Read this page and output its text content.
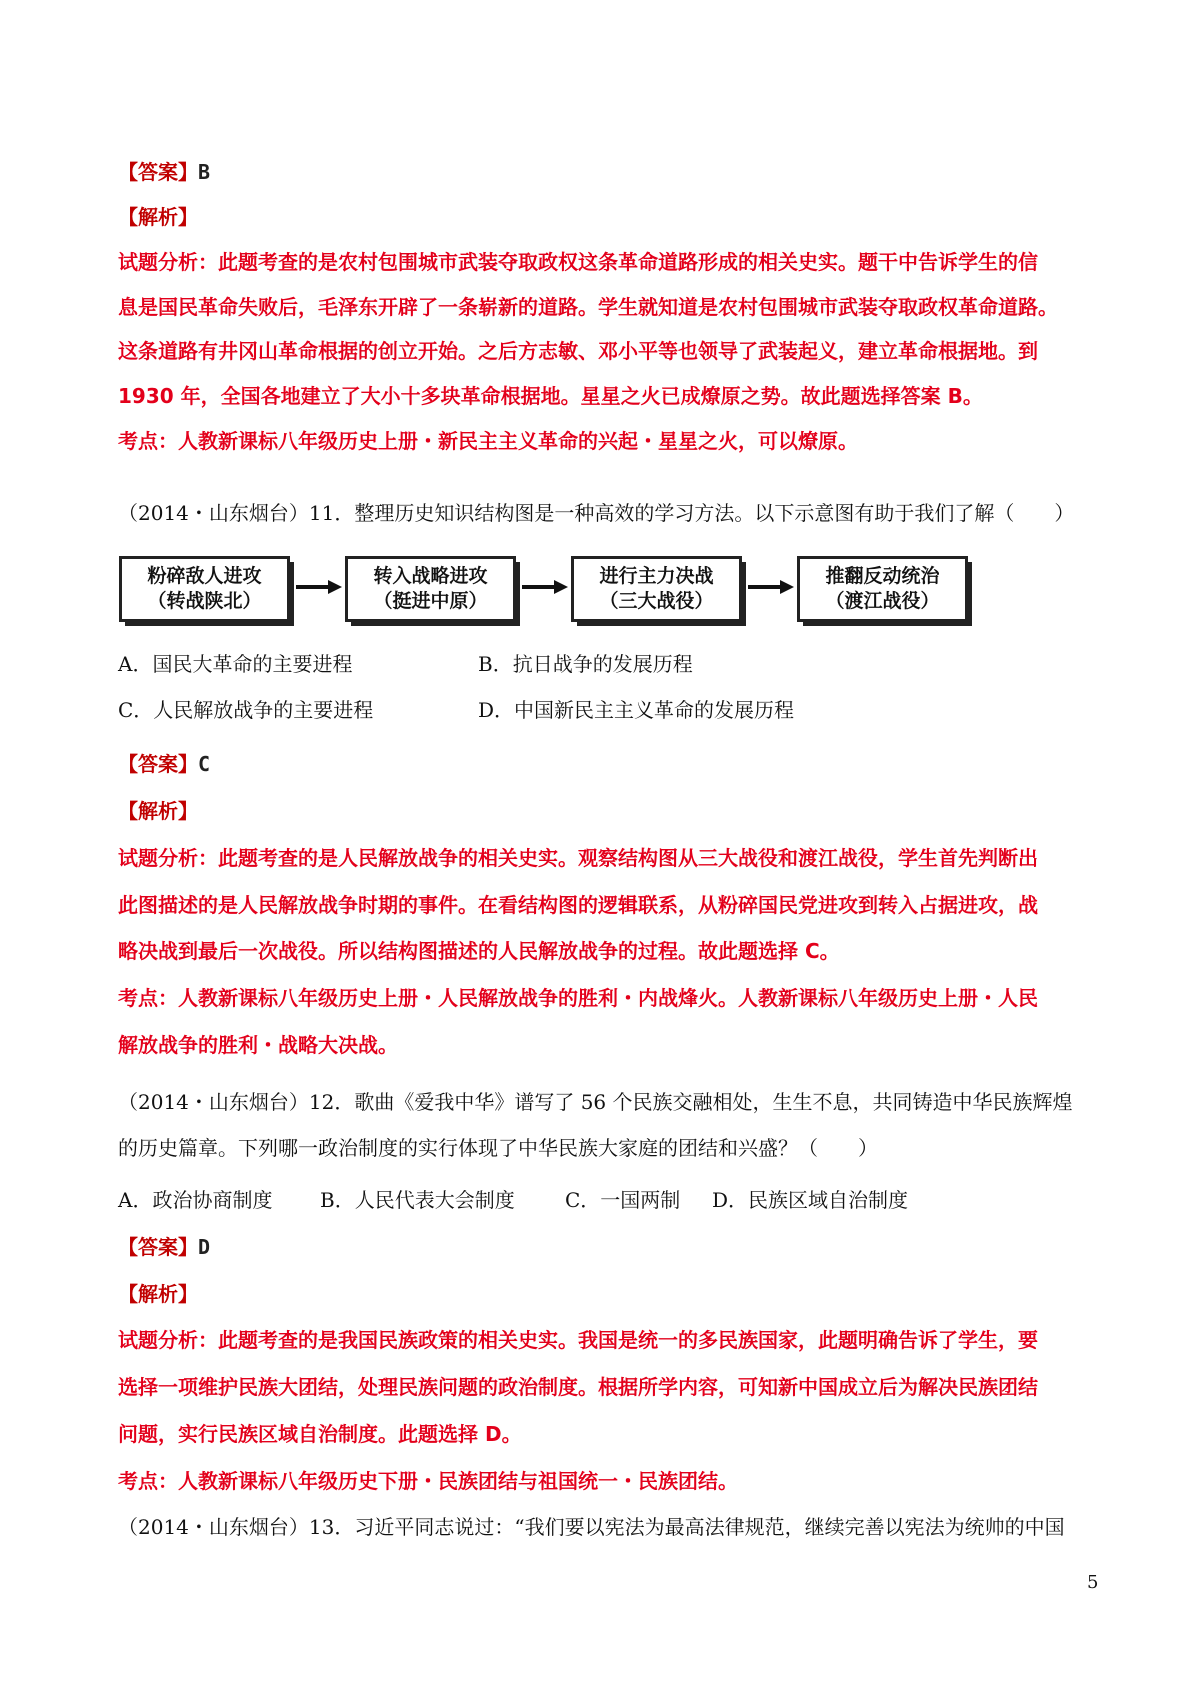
【答案】B
【解析】
试题分析：此题考查的是农村包围城市武装夺取政权这条革命道路形成的相关史实。题干中告诉学生的信
息是国民革命失败后，毛泽东开辟了一条崭新的道路。学生就知道是农村包围城市武装夺取政权革命道路。
这条道路有井冈山革命根据的创立开始。之后方志敏、邓小平等也领导了武装起义，建立革命根据地。到
1930 年，全国各地建立了大小十多块革命根据地。星星之火已成燎原之势。故此题选择答案 B。
考点：人教新课标八年级历史上册・新民主主义革命的兴起・星星之火，可以燎原。
（2014・山东烟台）11．整理历史知识结构图是一种高效的学习方法。以下示意图有助于我们了解（　　）
粉碎敌人进攻
（转战陕北）
转入战略进攻
（挺进中原）
进行主力决战
（三大战役）
推翻反动统治
（渡江战役）
A．国民大革命的主要进程	B．抗日战争的发展历程
C．人民解放战争的主要进程	D．中国新民主主义革命的发展历程
【答案】C
【解析】
试题分析：此题考查的是人民解放战争的相关史实。观察结构图从三大战役和渡江战役，学生首先判断出
此图描述的是人民解放战争时期的事件。在看结构图的逻辑联系，从粉碎国民党进攻到转入占据进攻，战
略决战到最后一次战役。所以结构图描述的人民解放战争的过程。故此题选择 C。
考点：人教新课标八年级历史上册・人民解放战争的胜利・内战烽火。人教新课标八年级历史上册・人民
解放战争的胜利・战略大决战。
（2014・山东烟台）12．歌曲《爱我中华》谱写了 56 个民族交融相处，生生不息，共同铸造中华民族辉煌
的历史篇章。下列哪一政治制度的实行体现了中华民族大家庭的团结和兴盛？（　　）
A．政治协商制度 B．人民代表大会制度	C．一国两制 D．民族区域自治制度
【答案】D
【解析】
试题分析：此题考查的是我国民族政策的相关史实。我国是统一的多民族国家，此题明确告诉了学生，要
选择一项维护民族大团结，处理民族问题的政治制度。根据所学内容，可知新中国成立后为解决民族团结
问题，实行民族区域自治制度。此题选择 D。
考点：人教新课标八年级历史下册・民族团结与祖国统一・民族团结。
（2014・山东烟台）13．习近平同志说过：“我们要以宪法为最高法律规范，继续完善以宪法为统帅的中国
5
